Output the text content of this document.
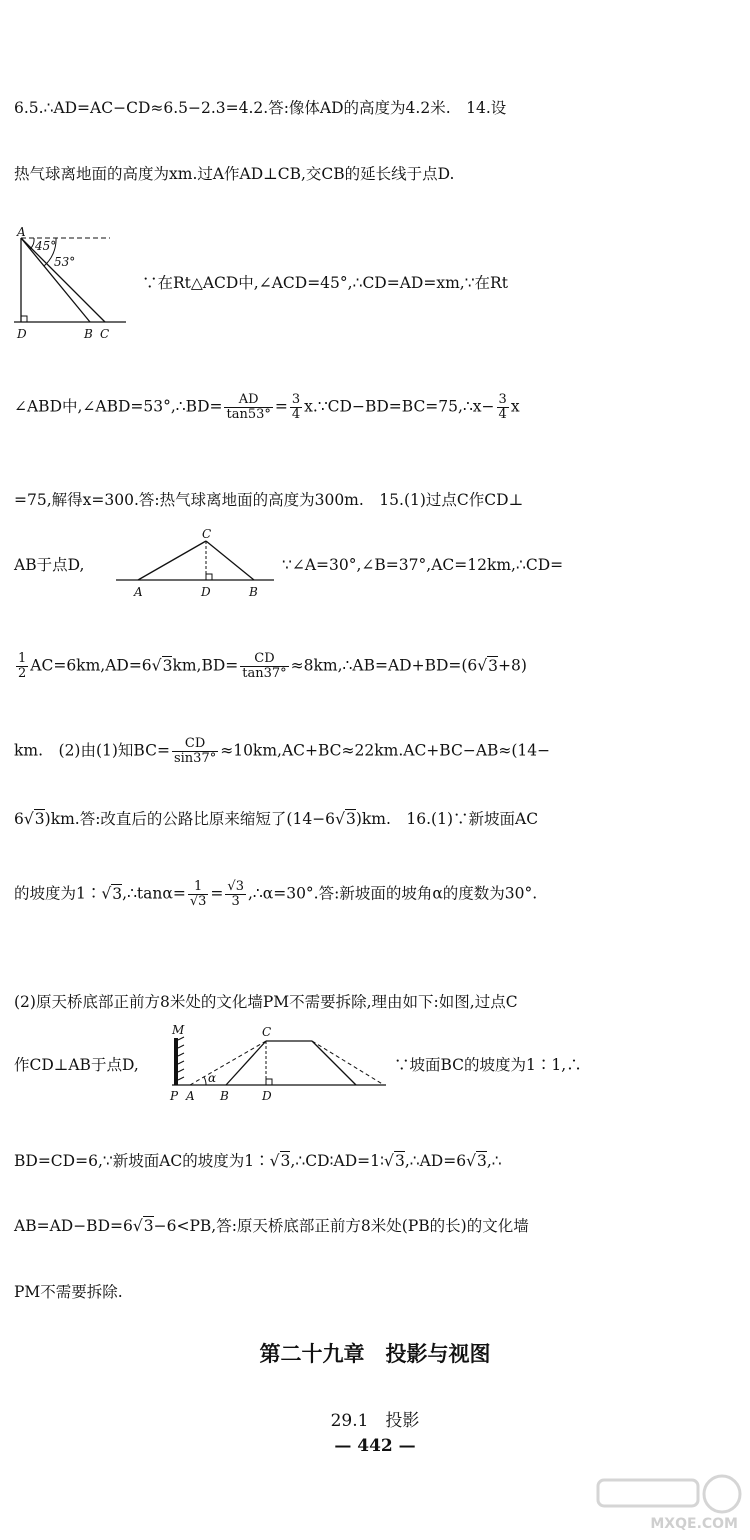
6.5.∴AD=AC−CD≈6.5−2.3=4.2.答:像体AD的高度为4.2米.　14.设
热气球离地面的高度为xm.过A作AD⊥CB,交CB的延长线于点D.
A
45°
53°
D	B C
∵在Rt△ACD中,∠ACD=45°,∴CD=AD=xm,∵在Rt
∠ABD中,∠ABD=53°,∴BD= $\frac{AD}{\tan 53^\circ} = \frac{3}{4}$ x.∵CD−BD=BC=75,∴x− $\frac{3}{4}$ x
=75,解得x=300.答:热气球离地面的高度为300m.　15.(1)过点C作CD⊥
AB于点D,
C
A	D	B
∵∠A=30°,∠B=37°,AC=12km,∴CD=
$\frac{1}{2} AC=6km,AD=6√3km,BD= \frac{CD}{\tan 37^\circ}$ ≈8km,∴AB=AD+BD=(6√3+8)
km.　(2)由(1)知$BC= \frac{CD}{\sin 37^\circ} \approx 10km,AC+BC\approx 22km.AC+BC-AB\approx(14-$
6√3)km.答:改直后的公路比原来缩短了(14−6√3)km.　16.(1)∵新坡面AC
的坡度为1∶√3,∴tanα= $\frac{1}{√3} = \frac{√3}{3}$ ,∴α=30°.答:新坡面的坡角α的度数为30°.
(2)原天桥底部正前方8米处的文化墙PM不需要拆除,理由如下:如图,过点C
作CD⊥AB于点D,
M	C
P A
α
B	D
∵坡面BC的坡度为1∶1,∴
BD=CD=6,∵新坡面AC的坡度为1∶√3,∴CD∶AD=1∶√3,∴AD=6√3,∴
AB=AD−BD=6√3−6<PB,答:原天桥底部正前方8米处(PB的长)的文化墙
PM不需要拆除.
第二十九章　投影与视图
29.1　投影
— 442 —
MXQE.COM
